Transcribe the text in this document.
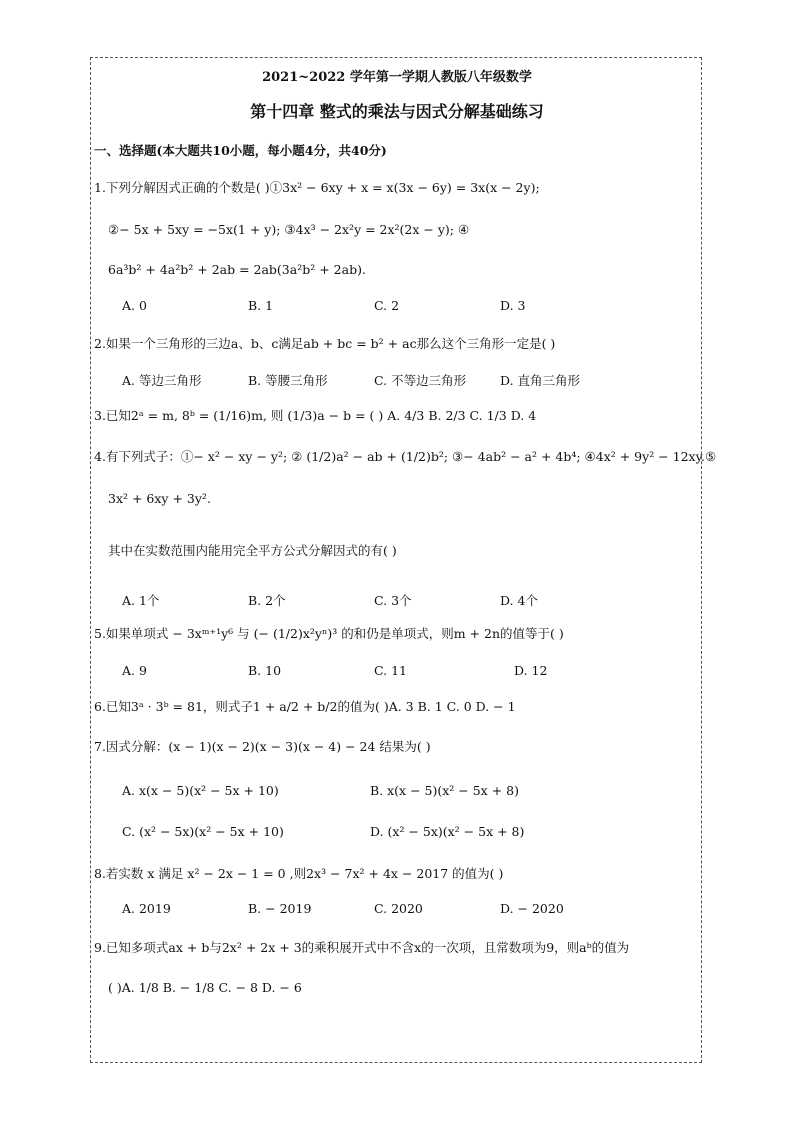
2021~2022 学年第一学期人教版八年级数学
第十四章 整式的乘法与因式分解基础练习
一、选择题(本大题共10小题，每小题4分，共40分)
1.下列分解因式正确的个数是( )①3x² − 6xy + x = x(3x − 6y) = 3x(x − 2y);
②− 5x + 5xy = −5x(1 + y); ③4x³ − 2x²y = 2x²(2x − y); ④
6a³b² + 4a²b² + 2ab = 2ab(3a²b² + 2ab).
A. 0	B. 1	C. 2	D. 3
2.如果一个三角形的三边a、b、c满足ab + bc = b² + ac那么这个三角形一定是( )
A. 等边三角形	B. 等腰三角形	C. 不等边三角形	D. 直角三角形
3.已知2ᵃ = m, 8ᵇ = (1/16)m, 则 (1/3)a − b = ( ) A. 4/3 B. 2/3 C. 1/3 D. 4
4.有下列式子：①− x² − xy − y²; ② (1/2)a² − ab + (1/2)b²; ③− 4ab² − a² + 4b⁴; ④4x² + 9y² − 12xy.⑤
3x² + 6xy + 3y².
其中在实数范围内能用完全平方公式分解因式的有( )
A. 1个	B. 2个	C. 3个	D. 4个
5.如果单项式 − 3xᵐ⁺¹y⁶ 与 (− (1/2)x²yⁿ)³ 的和仍是单项式，则m + 2n的值等于( )
A. 9	B. 10	C. 11	D. 12
6.已知3ᵃ · 3ᵇ = 81，则式子1 + a/2 + b/2的值为( )A. 3 B. 1 C. 0 D. − 1
7.因式分解：(x − 1)(x − 2)(x − 3)(x − 4) − 24 结果为( )
A. x(x − 5)(x² − 5x + 10)	B. x(x − 5)(x² − 5x + 8)
C. (x² − 5x)(x² − 5x + 10)	D. (x² − 5x)(x² − 5x + 8)
8.若实数 x 满足 x² − 2x − 1 = 0 ,则2x³ − 7x² + 4x − 2017 的值为( )
A. 2019	B. − 2019	C. 2020	D. − 2020
9.已知多项式ax + b与2x² + 2x + 3的乘积展开式中不含x的一次项，且常数项为9，则aᵇ的值为
( )A. 1/8 B. − 1/8 C. − 8 D. − 6
